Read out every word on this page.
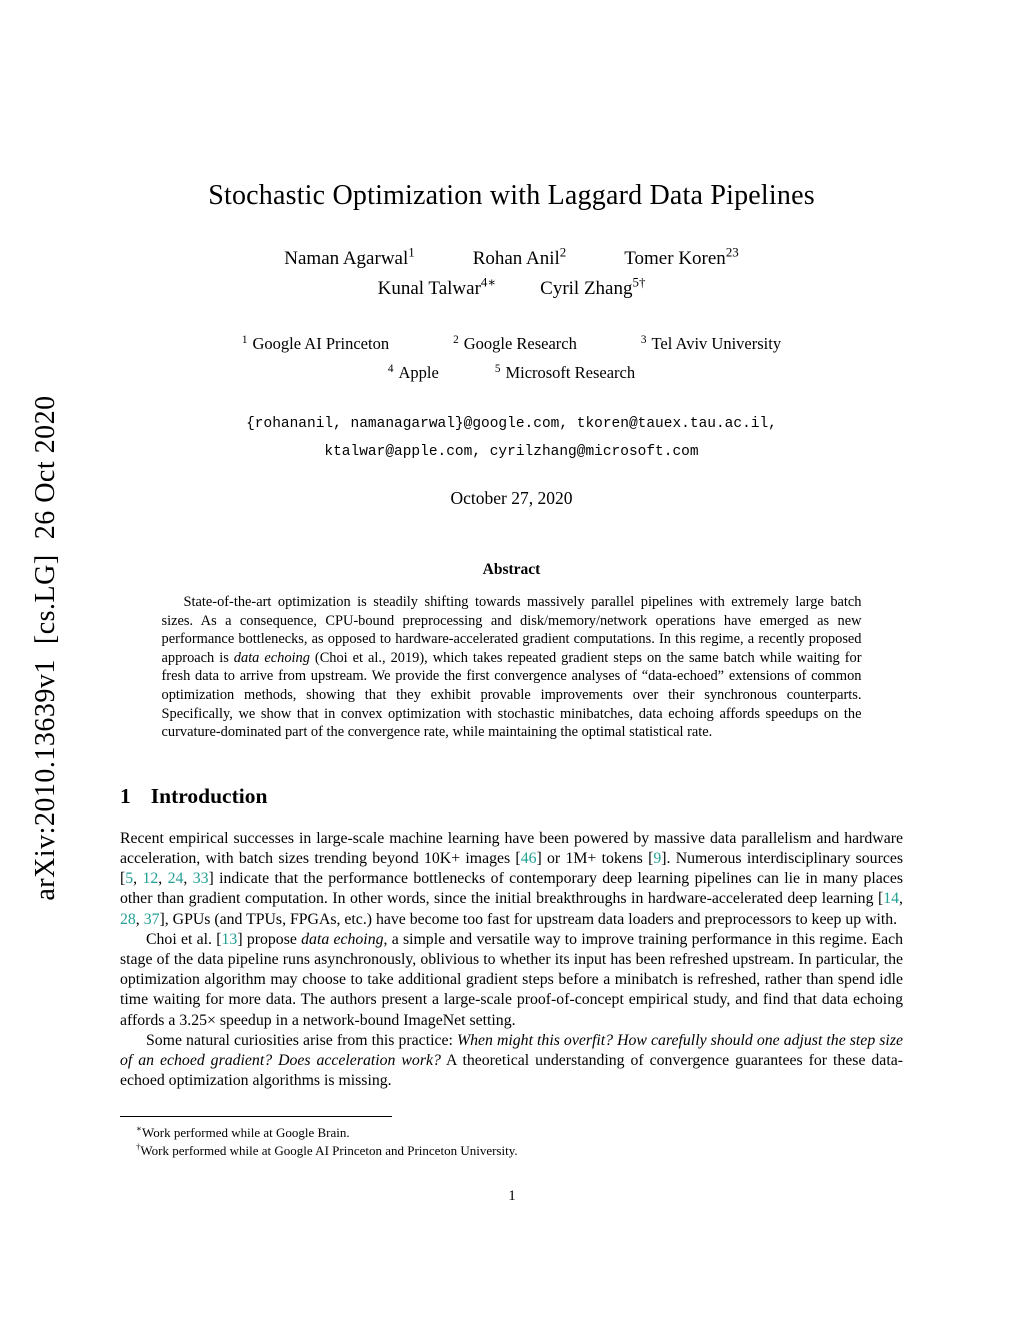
arXiv:2010.13639v1  [cs.LG]  26 Oct 2020
Stochastic Optimization with Laggard Data Pipelines
Naman Agarwal$^1$	Rohan Anil$^2$	Tomer Koren$^{23}$
Kunal Talwar$^{4∗}$ Cyril Zhang$^{5\dagger}$
$^1$ Google AI Princeton	$^2$ Google Research	$^3$ Tel Aviv University
$^4$ Apple	$^5$ Microsoft Research
{rohananil, namanagarwal}@google.com, tkoren@tauex.tau.ac.il,
ktalwar@apple.com, cyrilzhang@microsoft.com
October 27, 2020
Abstract

State-of-the-art optimization is steadily shifting towards massively parallel pipelines with extremely large batch sizes. As a consequence, CPU-bound preprocessing and disk/memory/network operations have emerged as new performance bottlenecks, as opposed to hardware-accelerated gradient computations. In this regime, a recently proposed approach is data echoing (Choi et al., 2019), which takes repeated gradient steps on the same batch while waiting for fresh data to arrive from upstream. We provide the first convergence analyses of “data-echoed” extensions of common optimization methods, showing that they exhibit provable improvements over their synchronous counterparts. Specifically, we show that in convex optimization with stochastic minibatches, data echoing affords speedups on the curvature-dominated part of the convergence rate, while maintaining the optimal statistical rate.

1 Introduction

Recent empirical successes in large-scale machine learning have been powered by massive data parallelism and hardware acceleration, with batch sizes trending beyond 10K+ images [46] or 1M+ tokens [9]. Numerous interdisciplinary sources [5, 12, 24, 33] indicate that the performance bottlenecks of contemporary deep learning pipelines can lie in many places other than gradient computation. In other words, since the initial breakthroughs in hardware-accelerated deep learning [14, 28, 37], GPUs (and TPUs, FPGAs, etc.) have become too fast for upstream data loaders and preprocessors to keep up with.

Choi et al. [13] propose data echoing, a simple and versatile way to improve training performance in this regime. Each stage of the data pipeline runs asynchronously, oblivious to whether its input has been refreshed upstream. In particular, the optimization algorithm may choose to take additional gradient steps before a minibatch is refreshed, rather than spend idle time waiting for more data. The authors present a large-scale proof-of-concept empirical study, and find that data echoing affords a 3.25× speedup in a network-bound ImageNet setting.

Some natural curiosities arise from this practice: When might this overfit? How carefully should one adjust the step size of an echoed gradient? Does acceleration work? A theoretical understanding of convergence guarantees for these data-echoed optimization algorithms is missing.

∗Work performed while at Google Brain.

†Work performed while at Google AI Princeton and Princeton University.

1
